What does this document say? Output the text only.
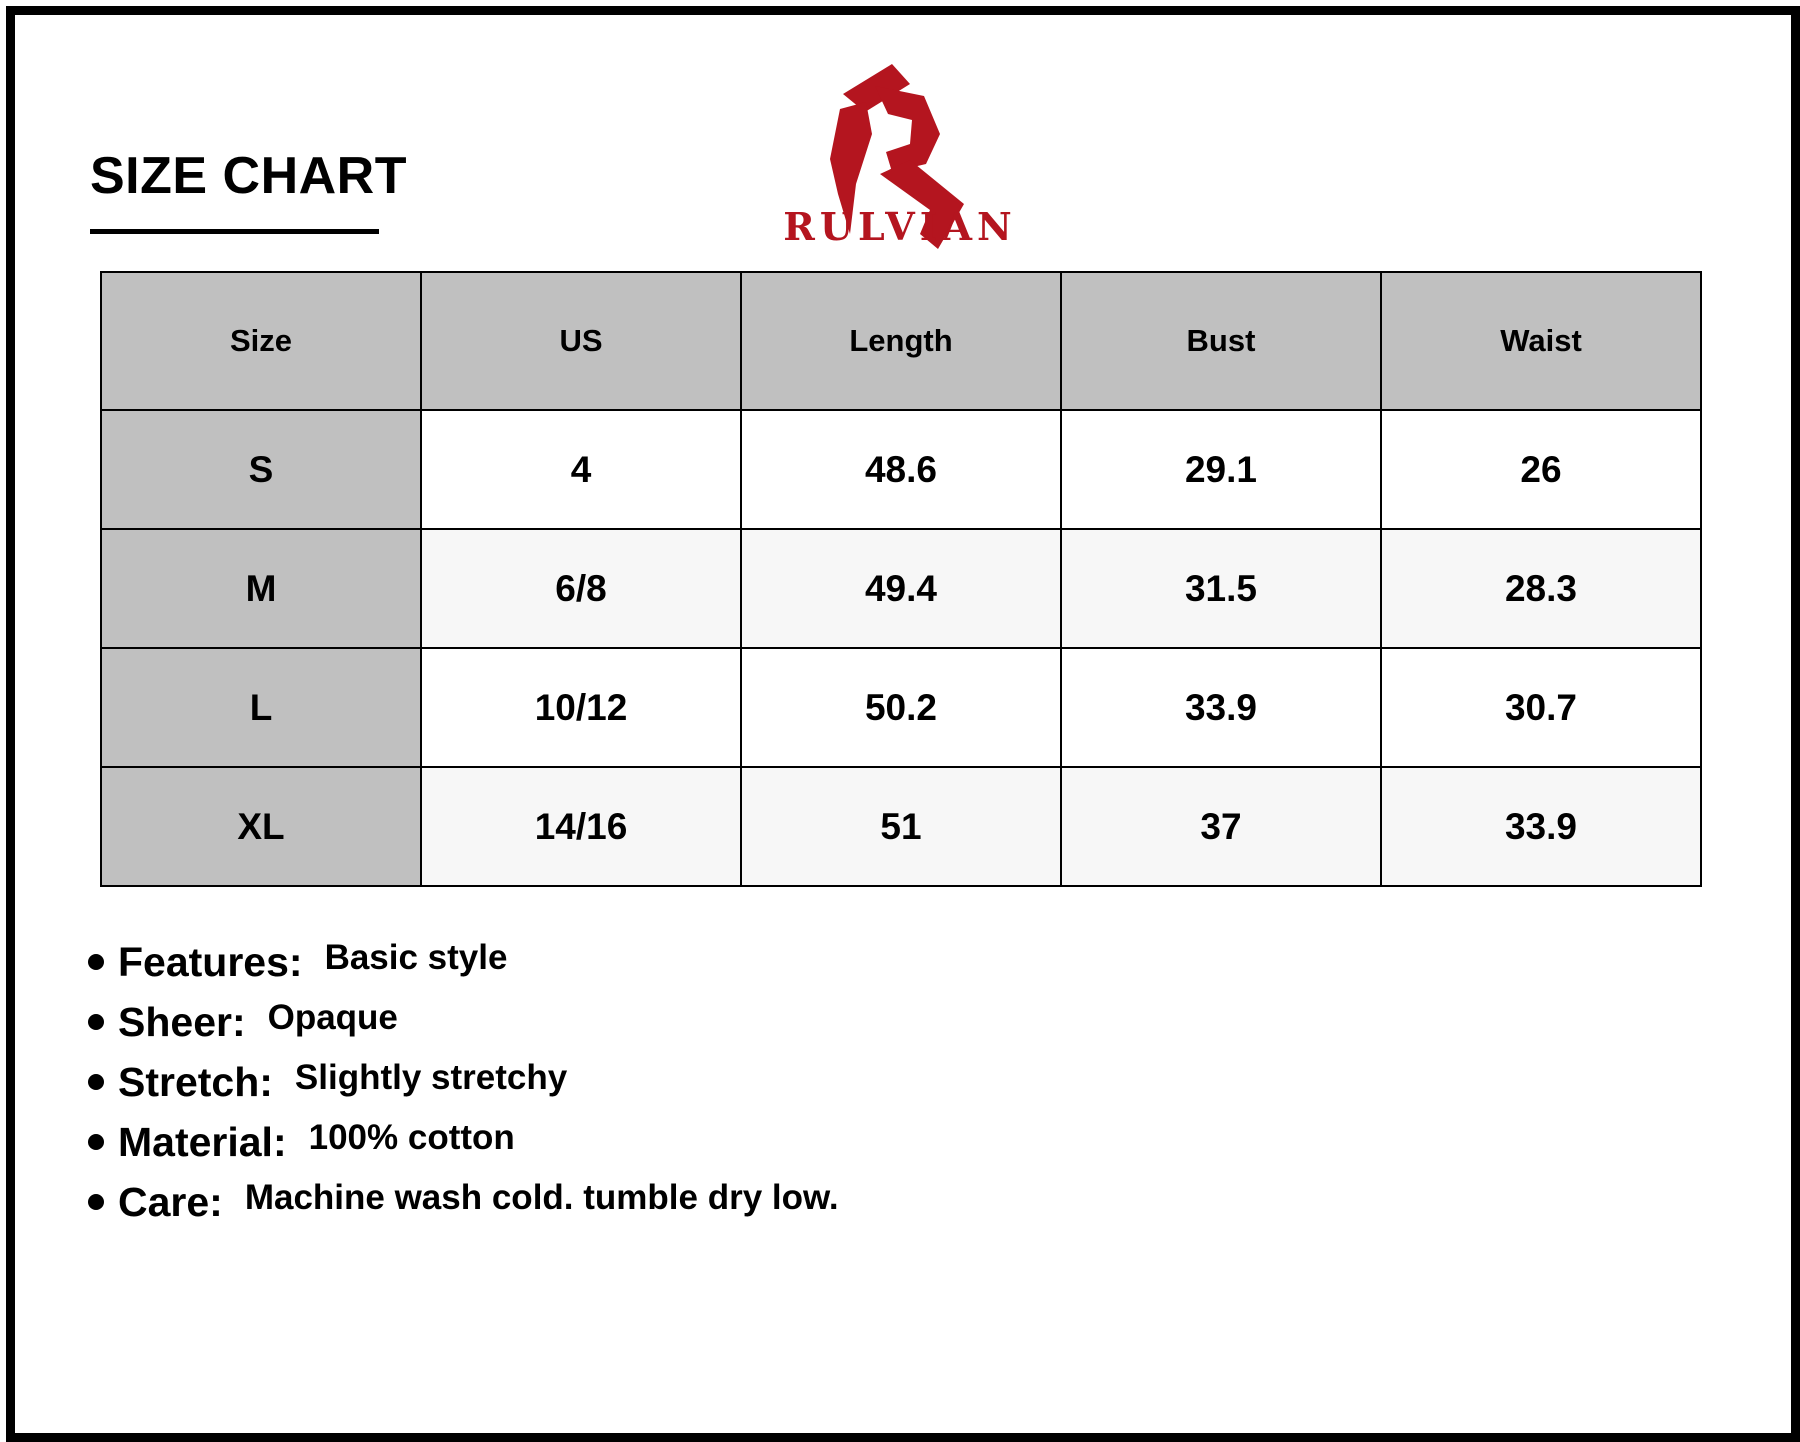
SIZE CHART
RULVIAN
Size	US	Length	Bust	Waist
S	4	48.6	29.1	26
M	6/8	49.4	31.5	28.3
L	10/12	50.2	33.9	30.7
XL	14/16	51	37	33.9
Features: Basic style
Sheer: Opaque
Stretch: Slightly stretchy
Material: 100% cotton
Care: Machine wash cold. tumble dry low.
